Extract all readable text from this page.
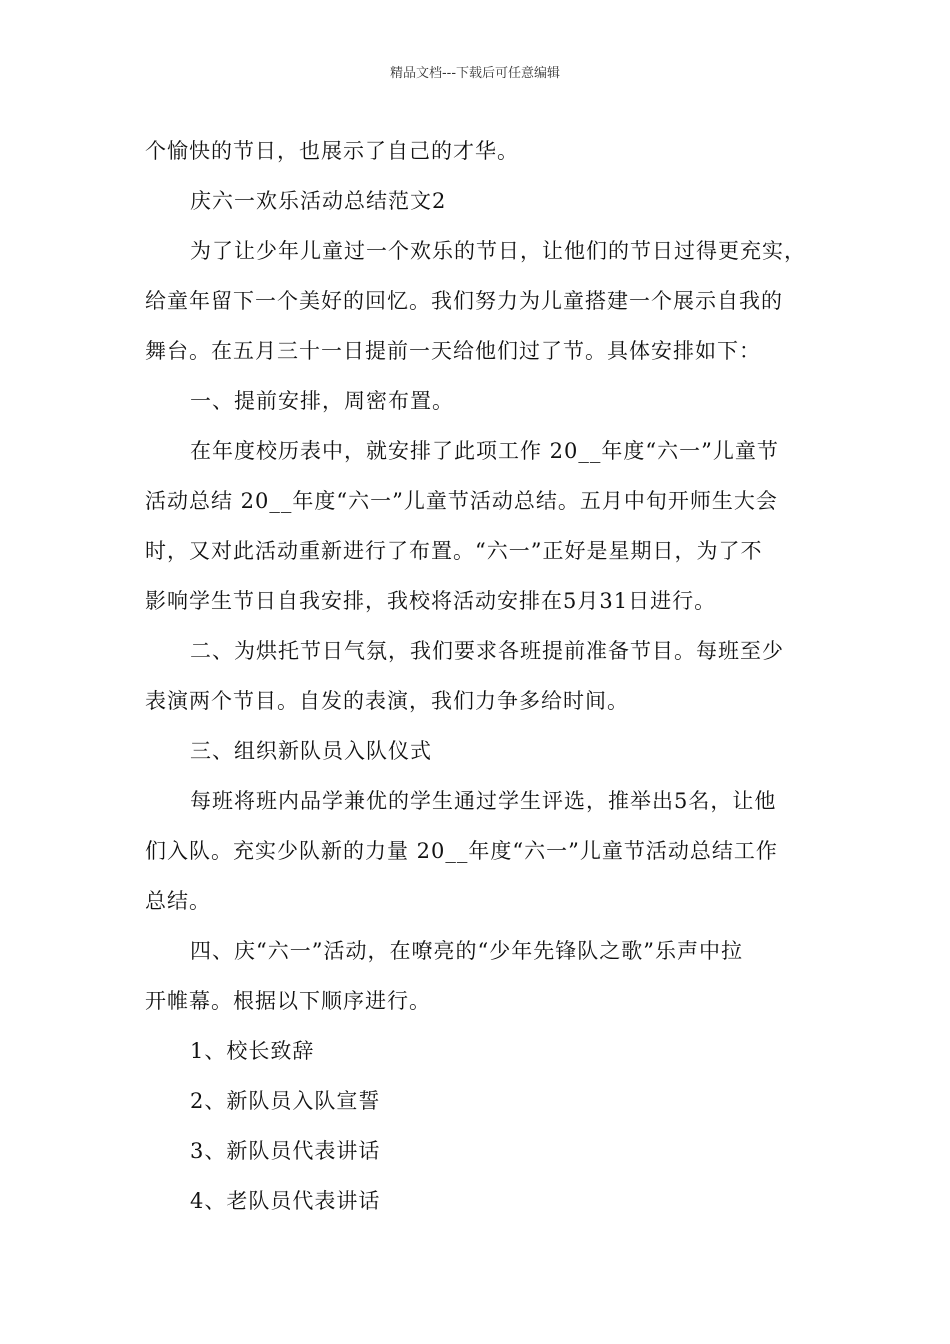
精品文档---下载后可任意编辑

个愉快的节日，也展示了自己的才华。

庆六一欢乐活动总结范文2

为了让少年儿童过一个欢乐的节日，让他们的节日过得更充实，

给童年留下一个美好的回忆。我们努力为儿童搭建一个展示自我的

舞台。在五月三十一日提前一天给他们过了节。具体安排如下：

一、提前安排，周密布置。

在年度校历表中，就安排了此项工作 20__年度“六一”儿童节

活动总结 20__年度“六一”儿童节活动总结。五月中旬开师生大会

时，又对此活动重新进行了布置。“六一”正好是星期日，为了不

影响学生节日自我安排，我校将活动安排在5月31日进行。

二、为烘托节日气氛，我们要求各班提前准备节目。每班至少

表演两个节目。自发的表演，我们力争多给时间。

三、组织新队员入队仪式

每班将班内品学兼优的学生通过学生评选，推举出5名，让他

们入队。充实少队新的力量 20__年度“六一”儿童节活动总结工作

总结。

四、庆“六一”活动，在嘹亮的“少年先锋队之歌”乐声中拉

开帷幕。根据以下顺序进行。

1、校长致辞

2、新队员入队宣誓

3、新队员代表讲话

4、老队员代表讲话
